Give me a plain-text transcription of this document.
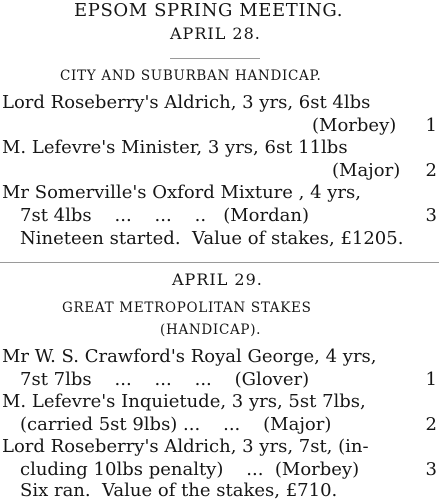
EPSOM SPRING MEETING.
APRIL 28.
CITY AND SUBURBAN HANDICAP.
Lord Roseberry's Aldrich, 3 yrs, 6st 4lbs
(Morbey) 1
M. Lefevre's Minister, 3 yrs, 6st 11lbs
(Major) 2
Mr Somerville's Oxford Mixture , 4 yrs,
7st 4lbs    ...    ...    ..   (Mordan)	3
Nineteen started.  Value of stakes, £1205.
APRIL 29.
GREAT METROPOLITAN STAKES
(HANDICAP).
Mr W. S. Crawford's Royal George, 4 yrs,
7st 7lbs    ...    ...    ...    (Glover)	1
M. Lefevre's Inquietude, 3 yrs, 5st 7lbs,
(carried 5st 9lbs) ...    ...    (Major)	2
Lord Roseberry's Aldrich, 3 yrs, 7st, (in-
cluding 10lbs penalty)    ...  (Morbey)	3
Six ran.  Value of the stakes, £710.
